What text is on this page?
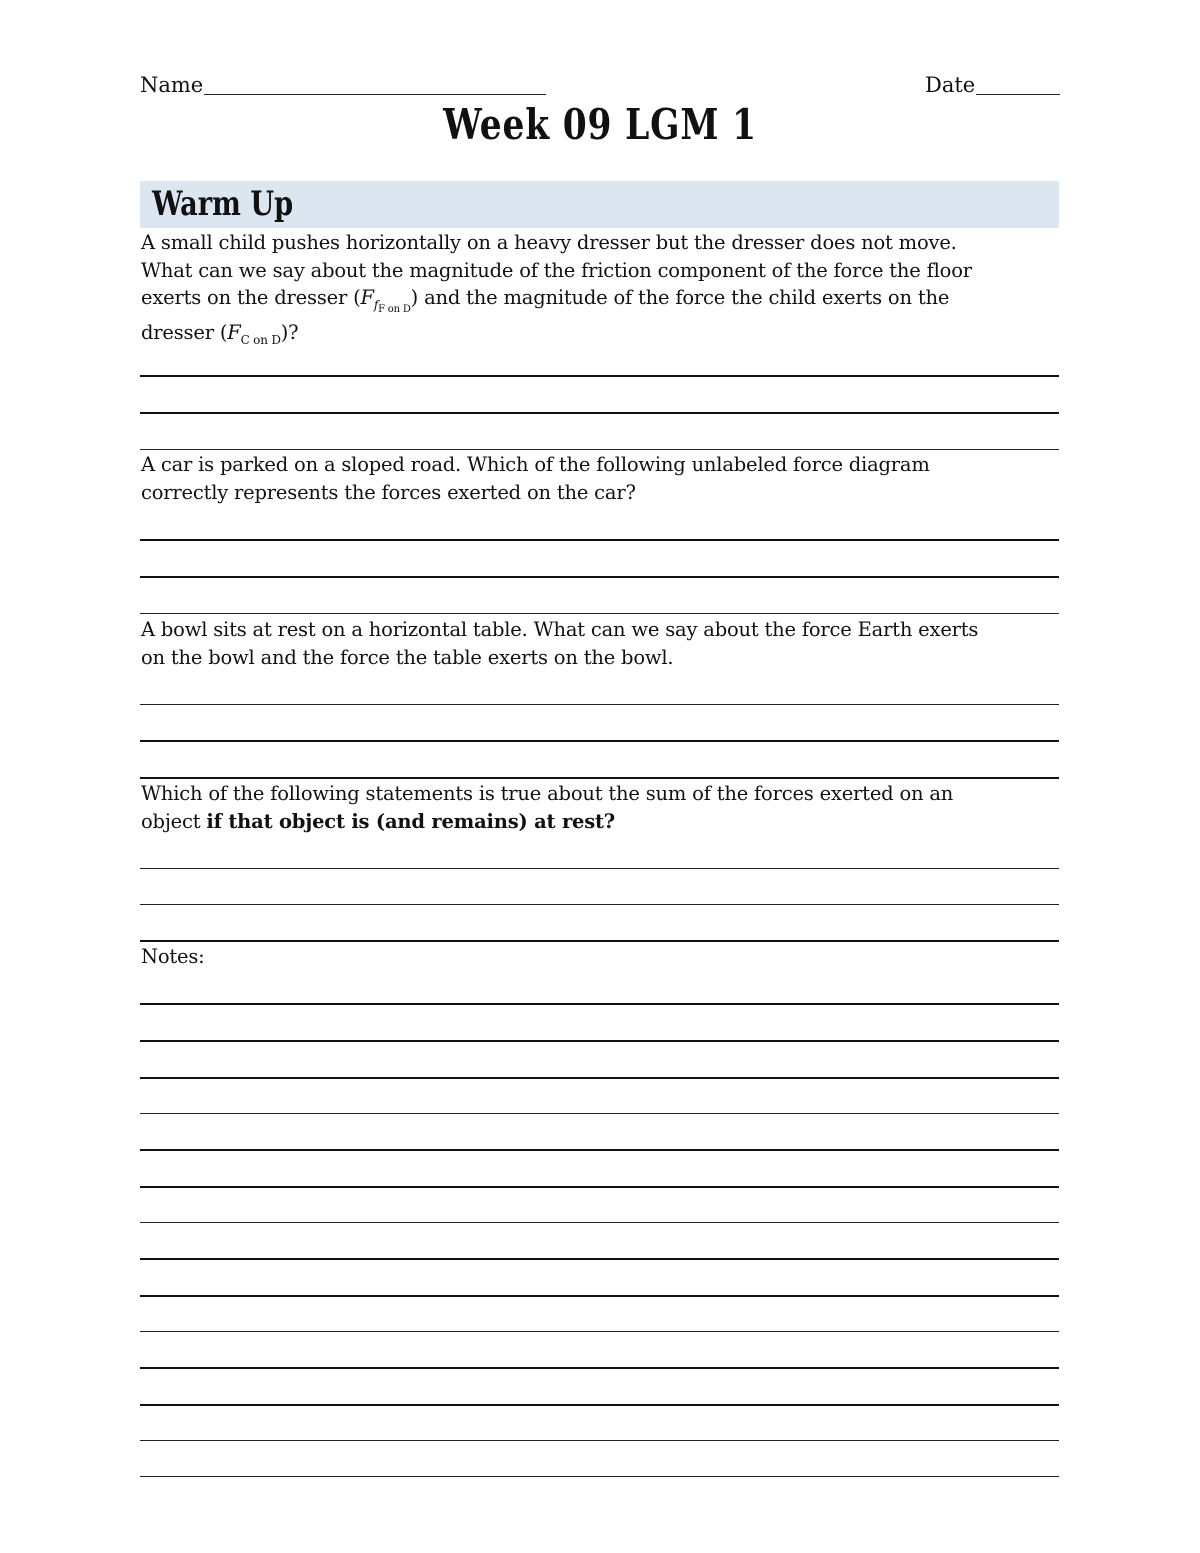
Name	Date
Week 09 LGM 1
Warm Up
A small child pushes horizontally on a heavy dresser but the dresser does not move.
What can we say about the magnitude of the friction component of the force the floor
exerts on the dresser $(F_{f_{F on D}})$ and the magnitude of the force the child exerts on the
dresser $(F_{C on D})$?
A car is parked on a sloped road. Which of the following unlabeled force diagram
correctly represents the forces exerted on the car?
A bowl sits at rest on a horizontal table. What can we say about the force Earth exerts
on the bowl and the force the table exerts on the bowl.
Which of the following statements is true about the sum of the forces exerted on an
object if that object is (and remains) at rest?
Notes:
